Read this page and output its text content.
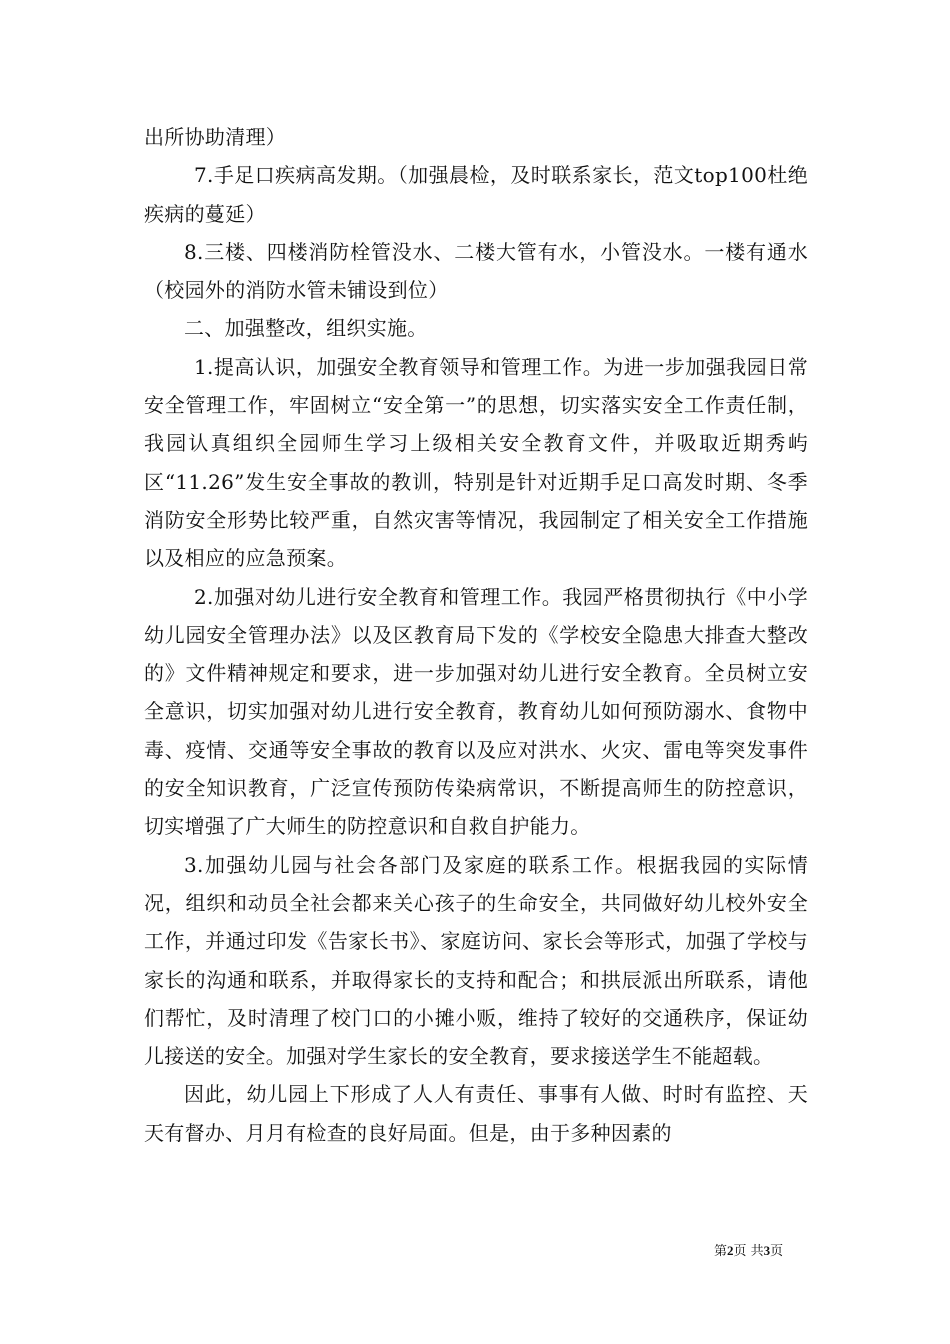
出所协助清理）

7.手足口疾病高发期。（加强晨检，及时联系家长，范文top100杜绝疾病的蔓延）

8.三楼、四楼消防栓管没水、二楼大管有水，小管没水。一楼有通水（校园外的消防水管未铺设到位）

二、加强整改，组织实施。

1.提高认识，加强安全教育领导和管理工作。为进一步加强我园日常安全管理工作，牢固树立“安全第一”的思想，切实落实安全工作责任制，我园认真组织全园师生学习上级相关安全教育文件，并吸取近期秀屿区“11.26”发生安全事故的教训，特别是针对近期手足口高发时期、冬季消防安全形势比较严重，自然灾害等情况，我园制定了相关安全工作措施以及相应的应急预案。

2.加强对幼儿进行安全教育和管理工作。我园严格贯彻执行《中小学幼儿园安全管理办法》以及区教育局下发的《学校安全隐患大排查大整改的》文件精神规定和要求，进一步加强对幼儿进行安全教育。全员树立安全意识，切实加强对幼儿进行安全教育，教育幼儿如何预防溺水、食物中毒、疫情、交通等安全事故的教育以及应对洪水、火灾、雷电等突发事件的安全知识教育，广泛宣传预防传染病常识，不断提高师生的防控意识，切实增强了广大师生的防控意识和自救自护能力。

3.加强幼儿园与社会各部门及家庭的联系工作。根据我园的实际情况，组织和动员全社会都来关心孩子的生命安全，共同做好幼儿校外安全工作，并通过印发《告家长书》、家庭访问、家长会等形式，加强了学校与家长的沟通和联系，并取得家长的支持和配合；和拱辰派出所联系，请他们帮忙，及时清理了校门口的小摊小贩，维持了较好的交通秩序，保证幼儿接送的安全。加强对学生家长的安全教育，要求接送学生不能超载。

因此，幼儿园上下形成了人人有责任、事事有人做、时时有监控、天天有督办、月月有检查的良好局面。但是，由于多种因素的

第2页 共3页
